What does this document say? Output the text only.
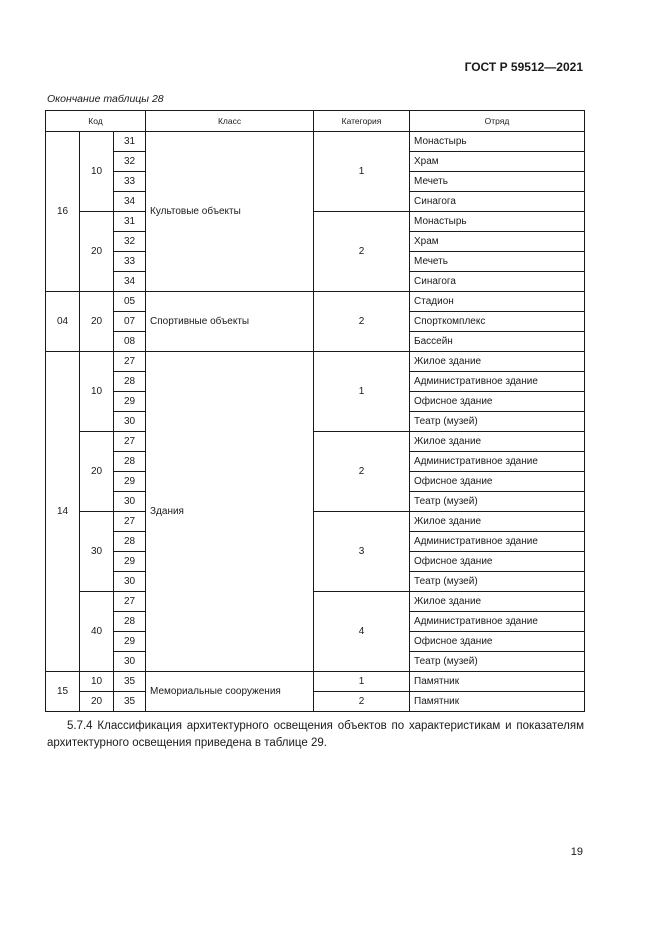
ГОСТ Р 59512—2021
Окончание таблицы 28
Код			Класс	Категория	Отряд
16	10	31	Культовые объекты	1	Монастырь
		32			Храм
		33			Мечеть
		34			Синагога
	20	31		2	Монастырь
		32			Храм
		33			Мечеть
		34			Синагога
04	20	05	Спортивные объекты	2	Стадион
		07			Спорткомплекс
		08			Бассейн
14	10	27	Здания	1	Жилое здание
		28			Административное здание
		29			Офисное здание
		30			Театр (музей)
	20	27		2	Жилое здание
		28			Административное здание
		29			Офисное здание
		30			Театр (музей)
	30	27		3	Жилое здание
		28			Административное здание
		29			Офисное здание
		30			Театр (музей)
	40	27		4	Жилое здание
		28			Административное здание
		29			Офисное здание
		30			Театр (музей)
15	10	35	Мемориальные сооружения	1	Памятник
	20	35		2	Памятник
5.7.4 Классификация архитектурного освещения объектов по характеристикам и показателям архитектурного освещения приведена в таблице 29.
19
